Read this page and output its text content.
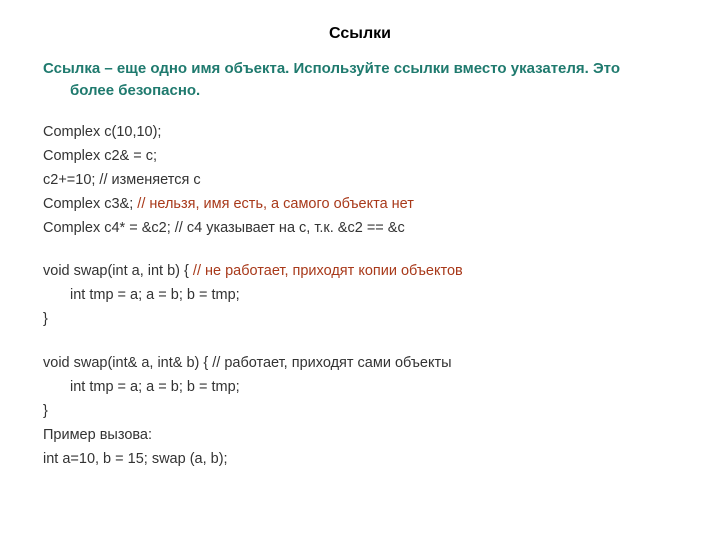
Ссылки
Ссылка – еще одно имя объекта. Используйте ссылки вместо указателя. Это
более безопасно.
Complex c(10,10);
Complex c2& = c;
c2+=10; // изменяется c
Complex c3&; // нельзя, имя есть, а самого объекта нет
Complex c4* = &c2; // c4 указывает на c, т.к. &c2 == &c
void swap(int a, int b) { // не работает, приходят копии объектов
int tmp = a; a = b; b = tmp;
}
void swap(int& a, int& b) { // работает, приходят сами объекты
int tmp = a; a = b; b = tmp;
}
Пример вызова:
int a=10, b = 15; swap (a, b);
